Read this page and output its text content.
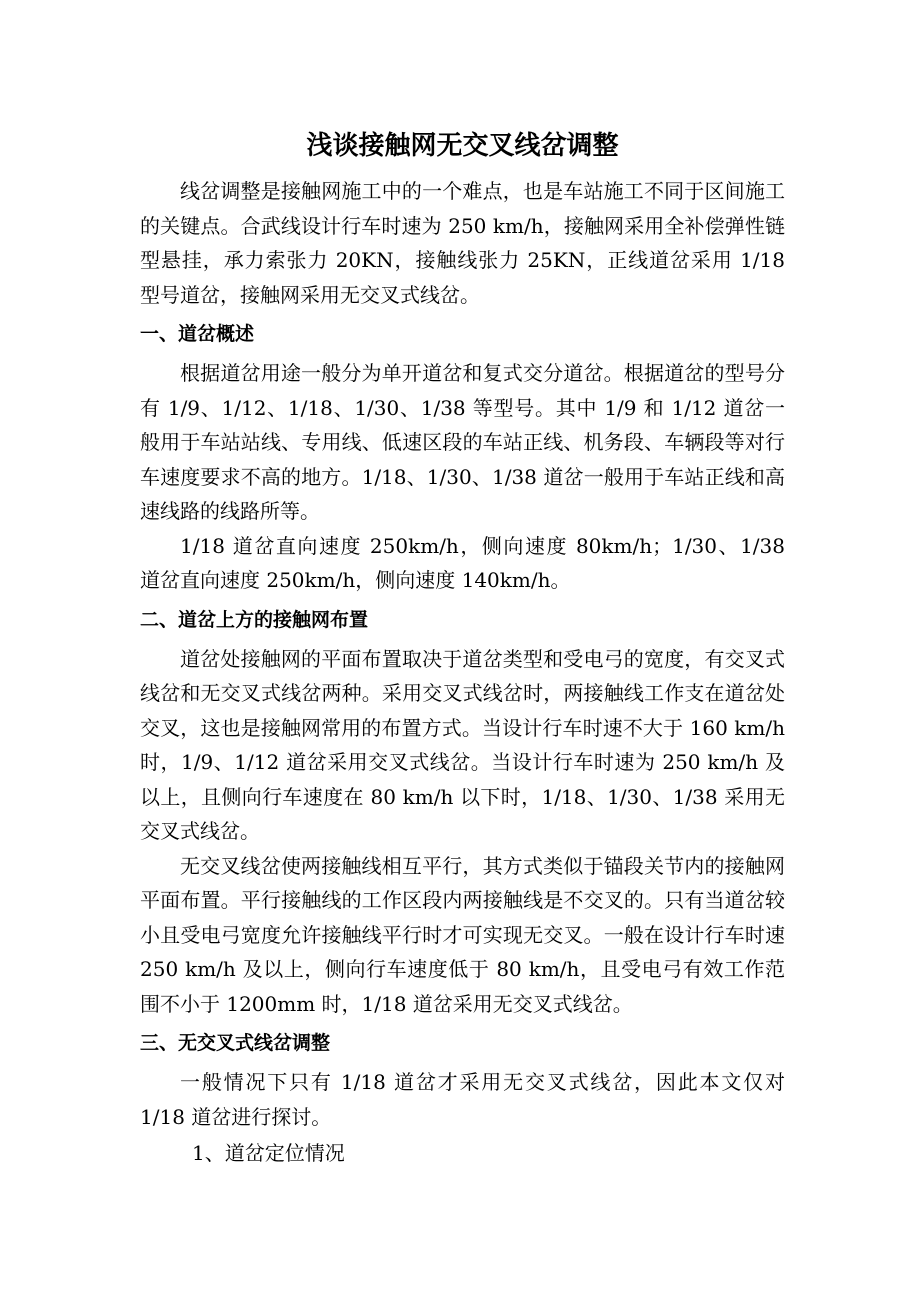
浅谈接触网无交叉线岔调整

线岔调整是接触网施工中的一个难点，也是车站施工不同于区间施工的关键点。合武线设计行车时速为 250 km/h，接触网采用全补偿弹性链型悬挂，承力索张力 20KN，接触线张力 25KN，正线道岔采用 1/18 型号道岔，接触网采用无交叉式线岔。

一、道岔概述

根据道岔用途一般分为单开道岔和复式交分道岔。根据道岔的型号分有 1/9、1/12、1/18、1/30、1/38 等型号。其中 1/9 和 1/12 道岔一般用于车站站线、专用线、低速区段的车站正线、机务段、车辆段等对行车速度要求不高的地方。1/18、1/30、1/38 道岔一般用于车站正线和高速线路的线路所等。

1/18 道岔直向速度 250km/h，侧向速度 80km/h；1/30、1/38 道岔直向速度 250km/h，侧向速度 140km/h。

二、道岔上方的接触网布置

道岔处接触网的平面布置取决于道岔类型和受电弓的宽度，有交叉式线岔和无交叉式线岔两种。采用交叉式线岔时，两接触线工作支在道岔处交叉，这也是接触网常用的布置方式。当设计行车时速不大于 160 km/h 时，1/9、1/12 道岔采用交叉式线岔。当设计行车时速为 250 km/h 及以上，且侧向行车速度在 80 km/h 以下时，1/18、1/30、1/38 采用无交叉式线岔。

无交叉线岔使两接触线相互平行，其方式类似于锚段关节内的接触网平面布置。平行接触线的工作区段内两接触线是不交叉的。只有当道岔较小且受电弓宽度允许接触线平行时才可实现无交叉。一般在设计行车时速 250 km/h 及以上，侧向行车速度低于 80 km/h，且受电弓有效工作范围不小于 1200mm 时，1/18 道岔采用无交叉式线岔。

三、无交叉式线岔调整

一般情况下只有 1/18 道岔才采用无交叉式线岔，因此本文仅对 1/18 道岔进行探讨。

1、道岔定位情况
